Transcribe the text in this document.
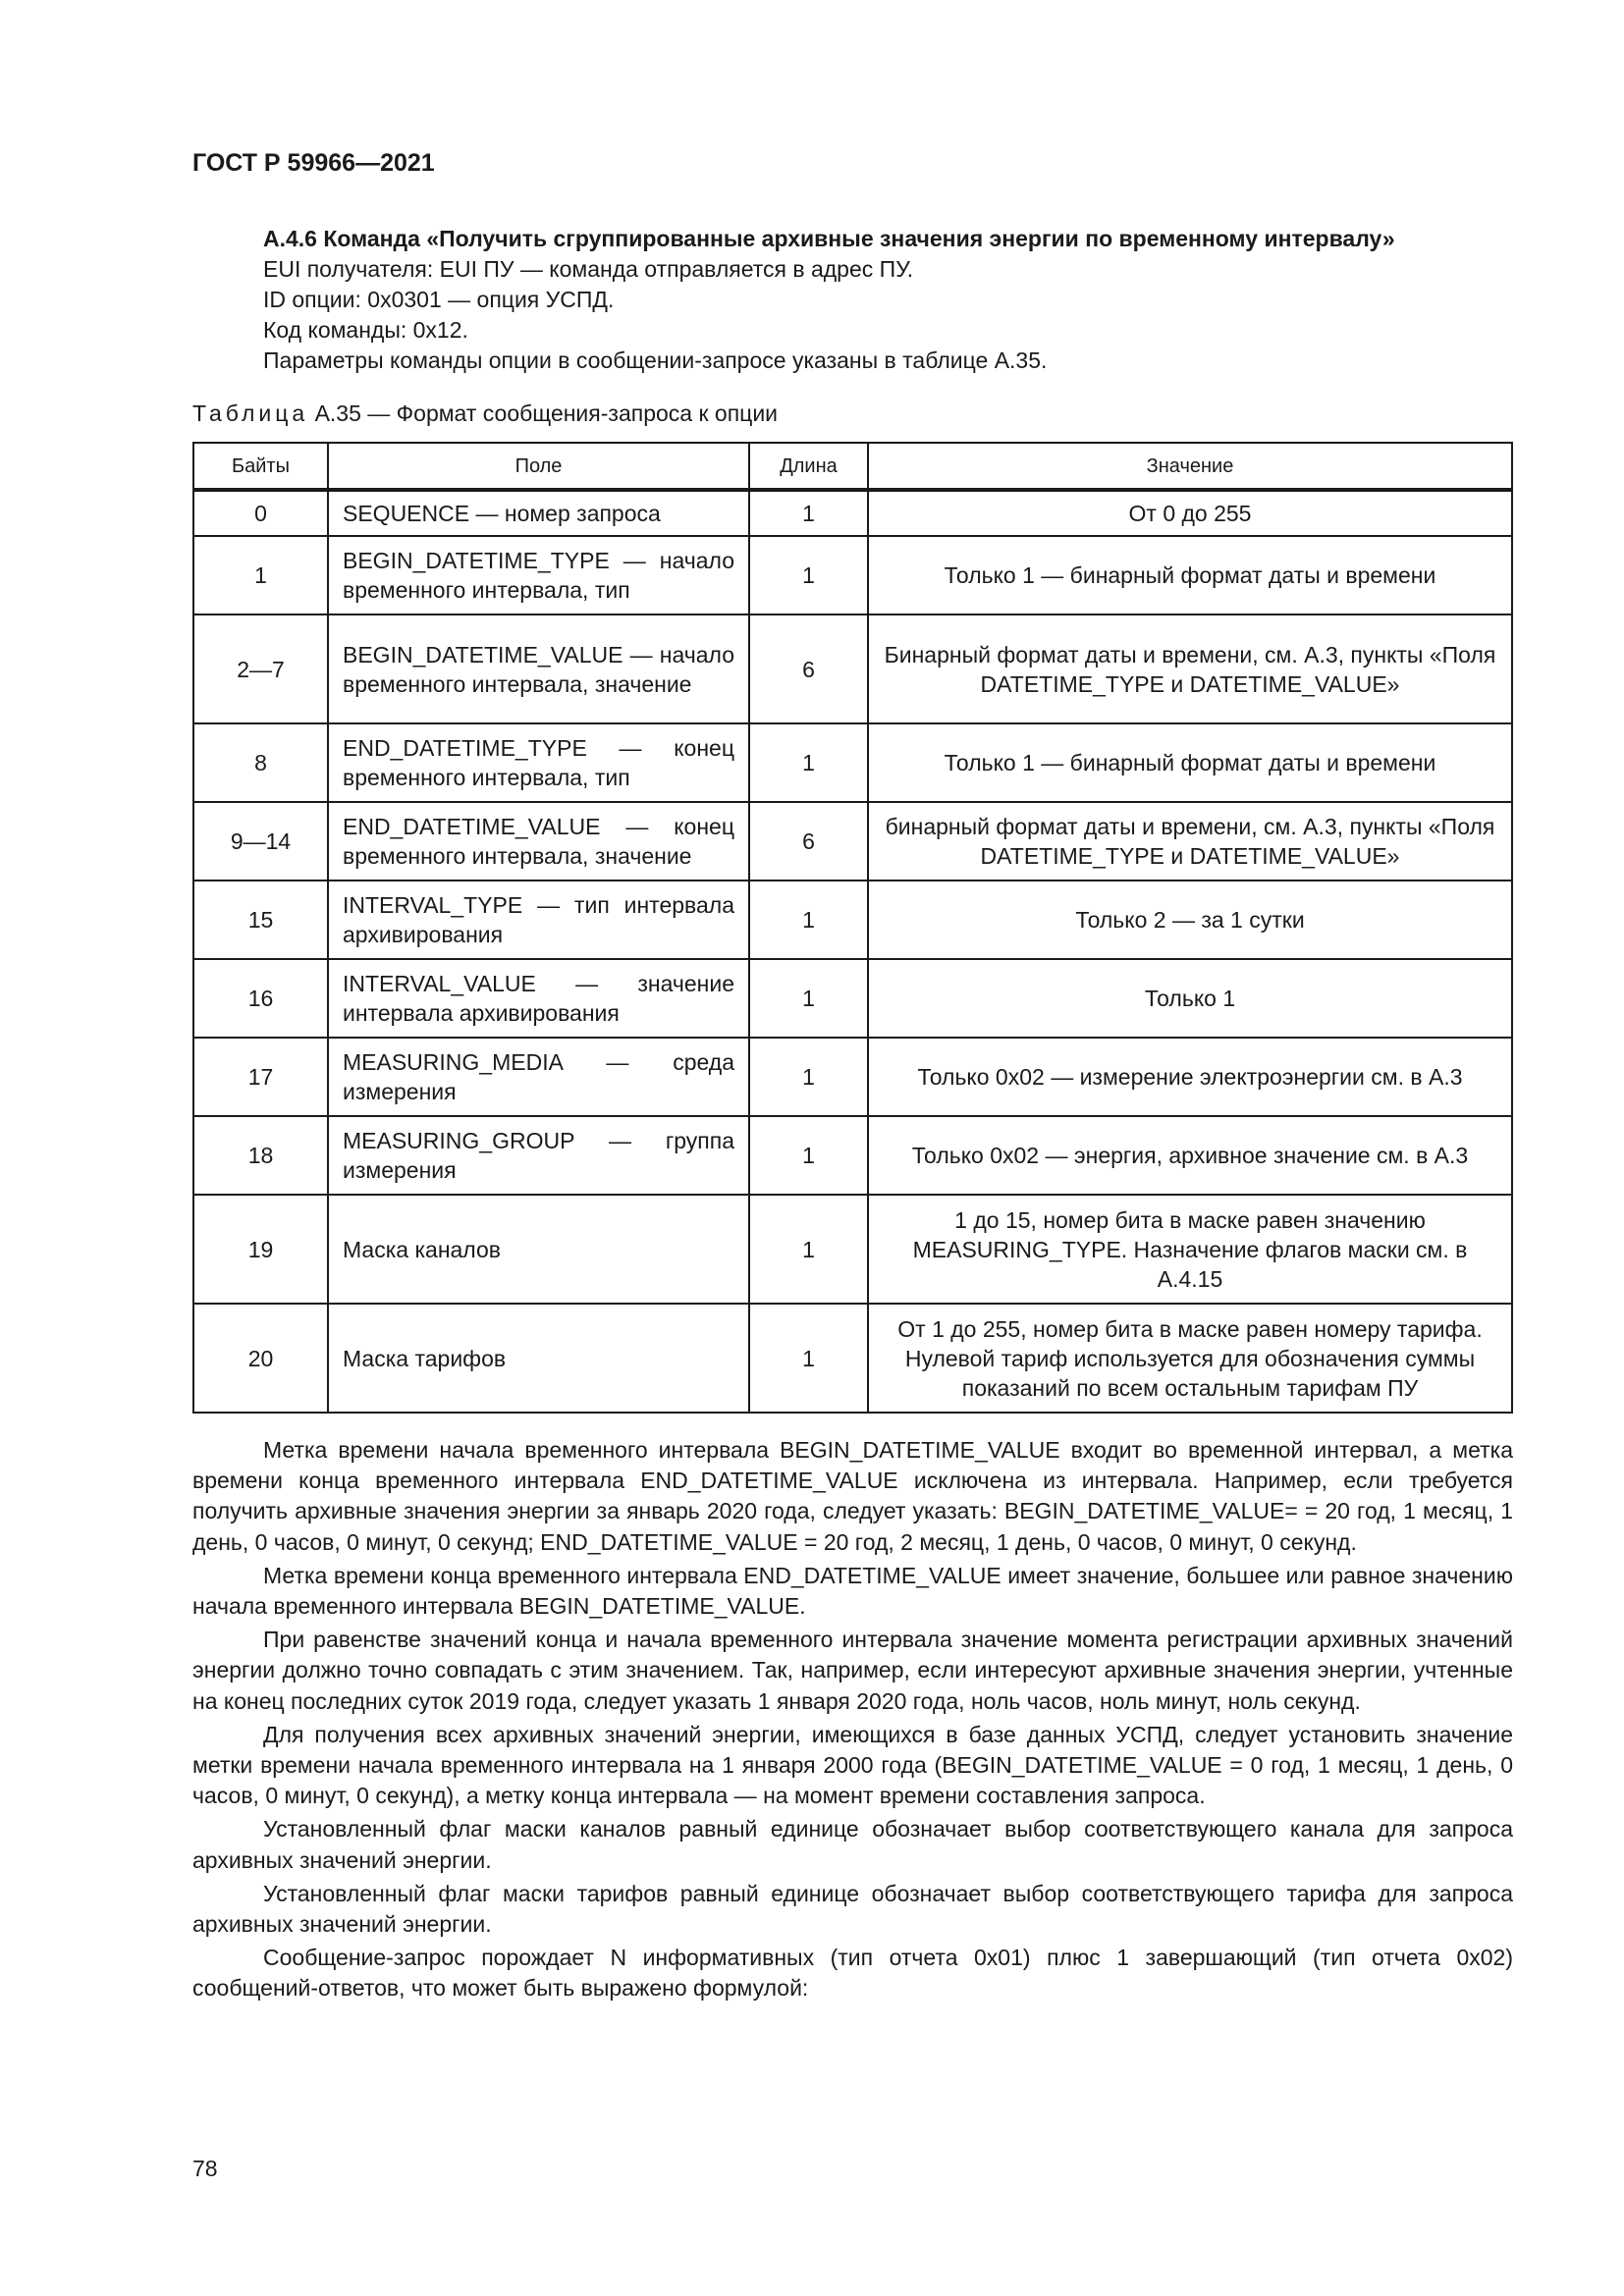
ГОСТ Р 59966—2021

А.4.6 Команда «Получить сгруппированные архивные значения энергии по временному интервалу»

EUI получателя: EUI ПУ — команда отправляется в адрес ПУ.

ID опции: 0х0301 — опция УСПД.

Код команды: 0х12.

Параметры команды опции в сообщении-запросе указаны в таблице А.35.

Таблица А.35 — Формат сообщения-запроса к опции

Байты	Поле	Длина	Значение
0	SEQUENCE — номер запроса	1	От 0 до 255
1	BEGIN_DATETIME_TYPE — начало временного интервала, тип	1	Только 1 — бинарный формат даты и времени
2—7	BEGIN_DATETIME_VALUE — начало временного интервала, значение	6	Бинарный формат даты и времени, см. А.3, пункты «Поля DATETIME_TYPE и DATETIME_VALUE»
8	END_DATETIME_TYPE — конец временного интервала, тип	1	Только 1 — бинарный формат даты и времени
9—14	END_DATETIME_VALUE — конец временного интервала, значение	6	бинарный формат даты и времени, см. А.3, пункты «Поля DATETIME_TYPE и DATETIME_VALUE»
15	INTERVAL_TYPE — тип интервала архивирования	1	Только 2 — за 1 сутки
16	INTERVAL_VALUE — значение интервала архивирования	1	Только 1
17	MEASURING_MEDIA — среда измерения	1	Только 0х02 — измерение электроэнергии см. в А.3
18	MEASURING_GROUP — группа измерения	1	Только 0х02 — энергия, архивное значение см. в А.3
19	Маска каналов	1	1 до 15, номер бита в маске равен значению MEASURING_TYPE. Назначение флагов маски см. в А.4.15
20	Маска тарифов	1	От 1 до 255, номер бита в маске равен номеру тарифа. Нулевой тариф используется для обозначения суммы показаний по всем остальным тарифам ПУ

Метка времени начала временного интервала BEGIN_DATETIME_VALUE входит во временной интервал, а метка времени конца временного интервала END_DATETIME_VALUE исключена из интервала. Например, если требуется получить архивные значения энергии за январь 2020 года, следует указать: BEGIN_DATETIME_VALUE= = 20 год, 1 месяц, 1 день, 0 часов, 0 минут, 0 секунд; END_DATETIME_VALUE = 20 год, 2 месяц, 1 день, 0 часов, 0 минут, 0 секунд.

Метка времени конца временного интервала END_DATETIME_VALUE имеет значение, большее или равное значению начала временного интервала BEGIN_DATETIME_VALUE.

При равенстве значений конца и начала временного интервала значение момента регистрации архивных значений энергии должно точно совпадать с этим значением. Так, например, если интересуют архивные значения энергии, учтенные на конец последних суток 2019 года, следует указать 1 января 2020 года, ноль часов, ноль минут, ноль секунд.

Для получения всех архивных значений энергии, имеющихся в базе данных УСПД, следует установить значение метки времени начала временного интервала на 1 января 2000 года (BEGIN_DATETIME_VALUE = 0 год, 1 месяц, 1 день, 0 часов, 0 минут, 0 секунд), а метку конца интервала — на момент времени составления запроса.

Установленный флаг маски каналов равный единице обозначает выбор соответствующего канала для запроса архивных значений энергии.

Установленный флаг маски тарифов равный единице обозначает выбор соответствующего тарифа для запроса архивных значений энергии.

Сообщение-запрос порождает N информативных (тип отчета 0х01) плюс 1 завершающий (тип отчета 0х02) сообщений-ответов, что может быть выражено формулой:

78
